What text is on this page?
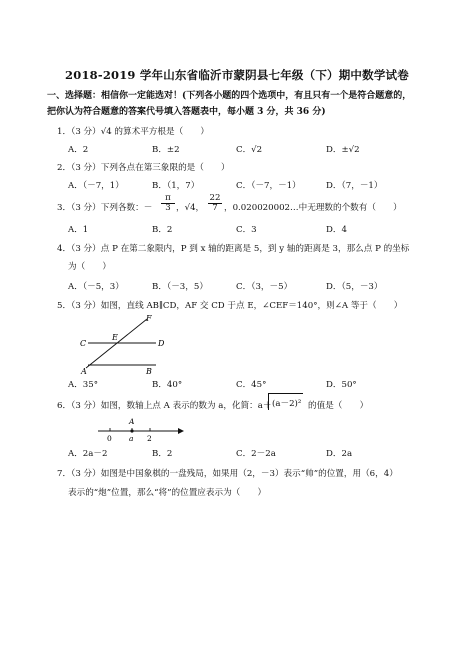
2018-2019 学年山东省临沂市蒙阴县七年级（下）期中数学试卷
一、选择题：相信你一定能选对！(下列各小题的四个选项中，有且只有一个是符合题意的，
把你认为符合题意的答案代号填入答题表中，每小题 3 分，共 36 分)
1．（3 分）√4 的算术平方根是（　　）
A．2	B．±2	C．√2	D．±√2
2．（3 分）下列各点在第三象限的是（　　）
A．（－7，1）	B．（1，7）	C．（－7，－1）	D．（7，－1）
3．（3 分）下列各数：－ $\frac{\pi}{3}$ ，√4， $\frac{22}{7}$ ，0.020020002…中无理数的个数有（　　）
A．1	B．2	C．3	D．4
4．（3 分）点 P 在第二象限内，P 到 x 轴的距离是 5，到 y 轴的距离是 3，那么点 P 的坐标
为（　　）
A．（－5，3）	B．（－3，5）	C．（3，－5）	D．（5，－3）
5．（3 分）如图，直线 AB∥CD，AF 交 CD 于点 E，∠CEF＝140°，则∠A 等于（　　）
F
E
C	D
A	B
A．35°	B．40°	C．45°	D．50°
6．（3 分）如图，数轴上点 A 表示的数为 a，化简：a＋ (a－2)² 的值是（　　）
A
0 a 2
A．2a－2	B．2	C．2－2a	D．2a
7．（3 分）如图是中国象棋的一盘残局，如果用（2，－3）表示“帅”的位置，用（6，4）
表示的“炮”位置，那么“将”的位置应表示为（　　）
